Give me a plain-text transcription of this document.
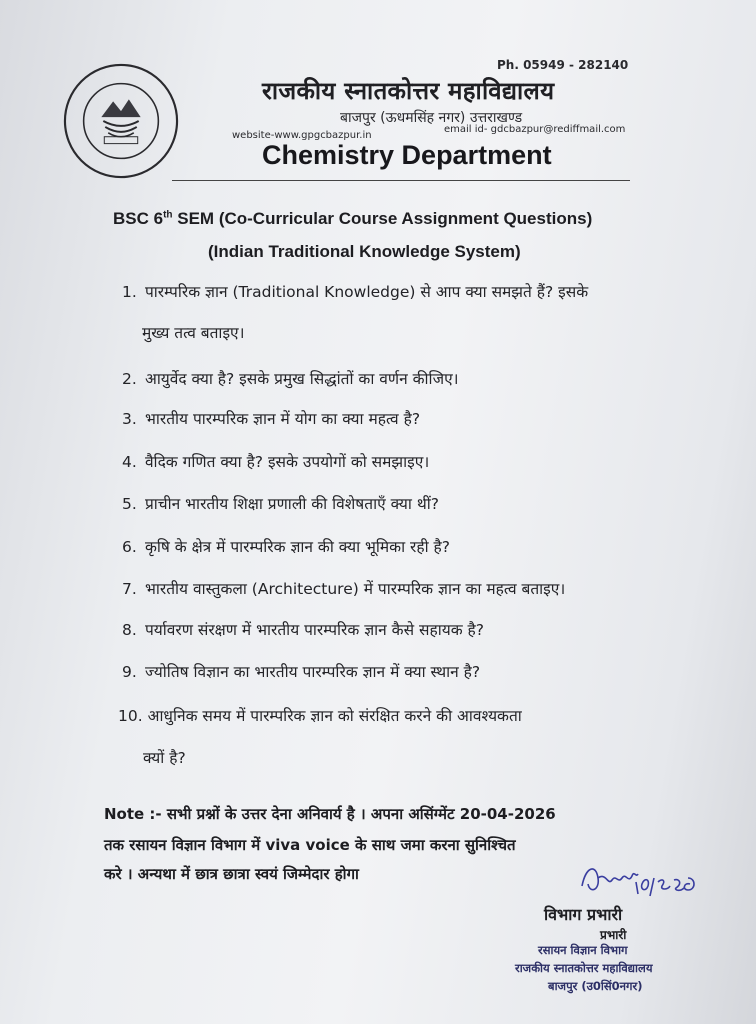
Ph. 05949 - 282140
राजकीय स्नातकोत्तर महाविद्यालय
बाजपुर (ऊधमसिंह नगर) उत्तराखण्ड
website-www.gpgcbazpur.in
email id- gdcbazpur@rediffmail.com
Chemistry Department
BSC 6th SEM (Co-Curricular Course Assignment Questions)
(Indian Traditional Knowledge System)
1. पारम्परिक ज्ञान (Traditional Knowledge) से आप क्या समझते हैं? इसके
मुख्य तत्व बताइए।
2. आयुर्वेद क्या है? इसके प्रमुख सिद्धांतों का वर्णन कीजिए।
3. भारतीय पारम्परिक ज्ञान में योग का क्या महत्व है?
4. वैदिक गणित क्या है? इसके उपयोगों को समझाइए।
5. प्राचीन भारतीय शिक्षा प्रणाली की विशेषताएँ क्या थीं?
6. कृषि के क्षेत्र में पारम्परिक ज्ञान की क्या भूमिका रही है?
7. भारतीय वास्तुकला (Architecture) में पारम्परिक ज्ञान का महत्व बताइए।
8. पर्यावरण संरक्षण में भारतीय पारम्परिक ज्ञान कैसे सहायक है?
9. ज्योतिष विज्ञान का भारतीय पारम्परिक ज्ञान में क्या स्थान है?
10. आधुनिक समय में पारम्परिक ज्ञान को संरक्षित करने की आवश्यकता
क्यों है?
Note :- सभी प्रश्नों के उत्तर देना अनिवार्य है । अपना असिंग्मेंट 20-04-2026
तक रसायन विज्ञान विभाग में viva voice के साथ जमा करना सुनिश्चित
करे । अन्यथा में छात्र छात्रा स्वयं जिम्मेदार होगा
विभाग प्रभारी
प्रभारी
रसायन विज्ञान विभाग
राजकीय स्नातकोत्तर महाविद्यालय
बाजपुर (उ0सिं0नगर)
